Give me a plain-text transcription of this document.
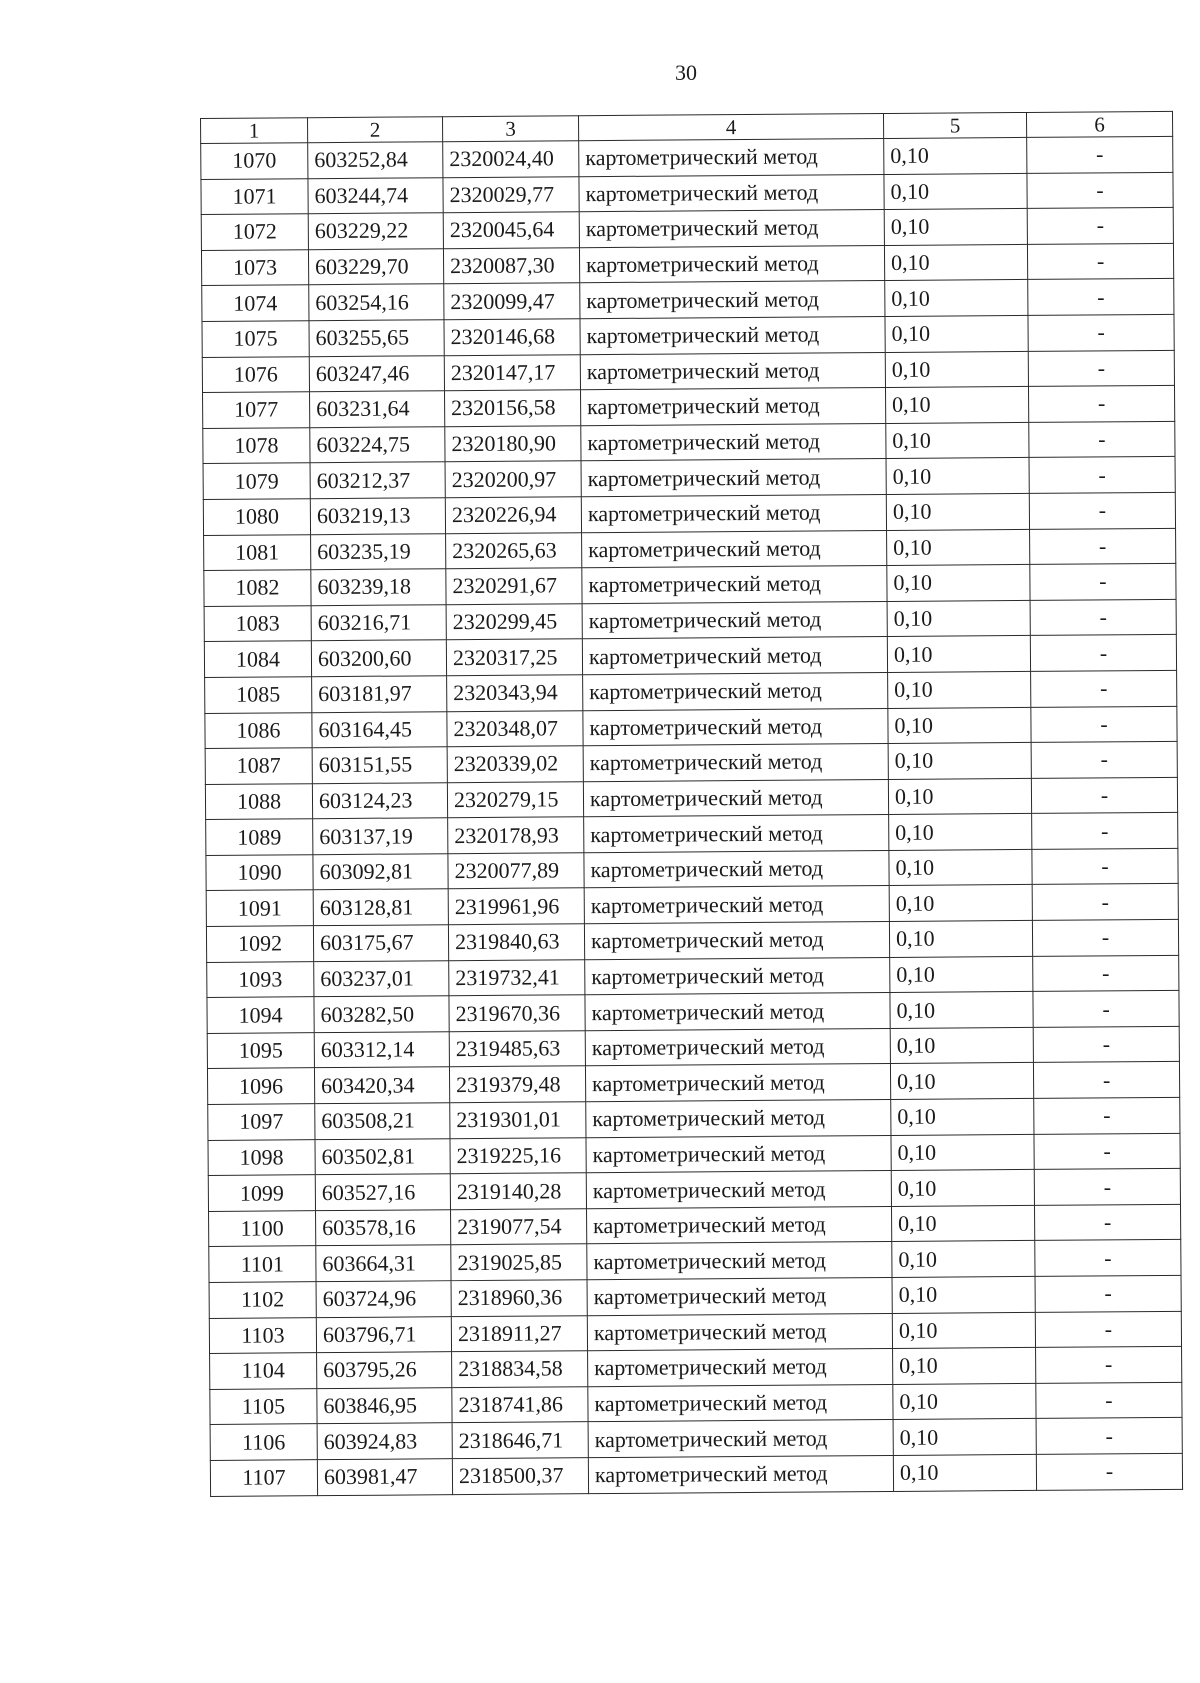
30
1	2	3	4	5	6
1070	603252,84	2320024,40	картометрический метод	0,10	-
1071	603244,74	2320029,77	картометрический метод	0,10	-
1072	603229,22	2320045,64	картометрический метод	0,10	-
1073	603229,70	2320087,30	картометрический метод	0,10	-
1074	603254,16	2320099,47	картометрический метод	0,10	-
1075	603255,65	2320146,68	картометрический метод	0,10	-
1076	603247,46	2320147,17	картометрический метод	0,10	-
1077	603231,64	2320156,58	картометрический метод	0,10	-
1078	603224,75	2320180,90	картометрический метод	0,10	-
1079	603212,37	2320200,97	картометрический метод	0,10	-
1080	603219,13	2320226,94	картометрический метод	0,10	-
1081	603235,19	2320265,63	картометрический метод	0,10	-
1082	603239,18	2320291,67	картометрический метод	0,10	-
1083	603216,71	2320299,45	картометрический метод	0,10	-
1084	603200,60	2320317,25	картометрический метод	0,10	-
1085	603181,97	2320343,94	картометрический метод	0,10	-
1086	603164,45	2320348,07	картометрический метод	0,10	-
1087	603151,55	2320339,02	картометрический метод	0,10	-
1088	603124,23	2320279,15	картометрический метод	0,10	-
1089	603137,19	2320178,93	картометрический метод	0,10	-
1090	603092,81	2320077,89	картометрический метод	0,10	-
1091	603128,81	2319961,96	картометрический метод	0,10	-
1092	603175,67	2319840,63	картометрический метод	0,10	-
1093	603237,01	2319732,41	картометрический метод	0,10	-
1094	603282,50	2319670,36	картометрический метод	0,10	-
1095	603312,14	2319485,63	картометрический метод	0,10	-
1096	603420,34	2319379,48	картометрический метод	0,10	-
1097	603508,21	2319301,01	картометрический метод	0,10	-
1098	603502,81	2319225,16	картометрический метод	0,10	-
1099	603527,16	2319140,28	картометрический метод	0,10	-
1100	603578,16	2319077,54	картометрический метод	0,10	-
1101	603664,31	2319025,85	картометрический метод	0,10	-
1102	603724,96	2318960,36	картометрический метод	0,10	-
1103	603796,71	2318911,27	картометрический метод	0,10	-
1104	603795,26	2318834,58	картометрический метод	0,10	-
1105	603846,95	2318741,86	картометрический метод	0,10	-
1106	603924,83	2318646,71	картометрический метод	0,10	-
1107	603981,47	2318500,37	картометрический метод	0,10	-
